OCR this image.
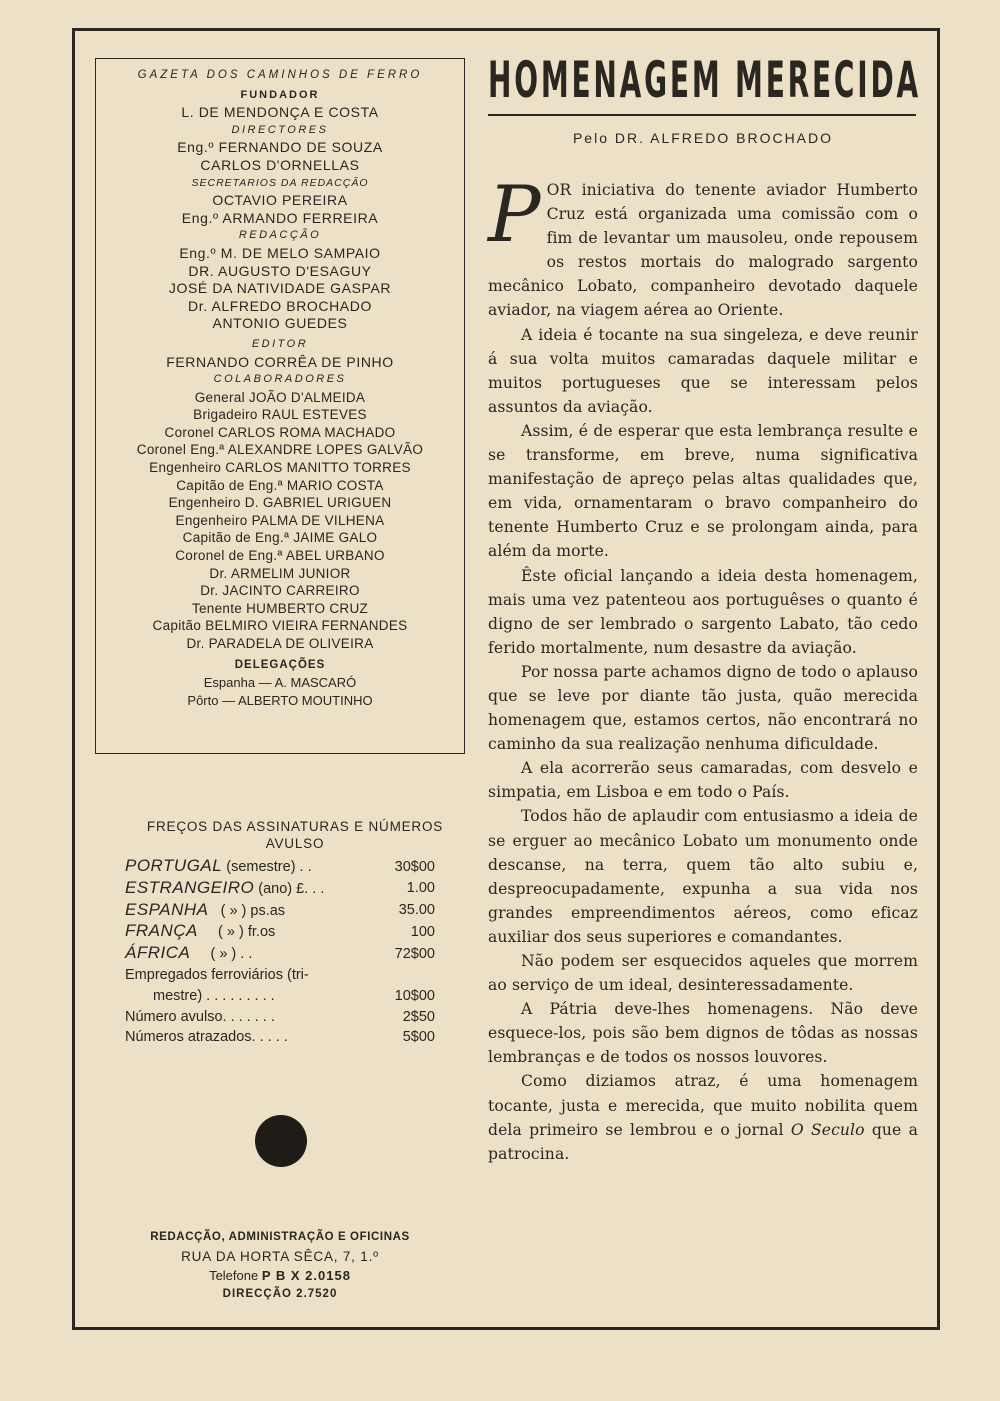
GAZETA DOS CAMINHOS DE FERRO
FUNDADOR
L. DE MENDONÇA E COSTA
DIRECTORES
Eng.º FERNANDO DE SOUZA
CARLOS D'ORNELLAS
SECRETARIOS DA REDACÇÃO
OCTAVIO PEREIRA
Eng.º ARMANDO FERREIRA
REDACÇÃO
Eng.º M. DE MELO SAMPAIO
DR. AUGUSTO D'ESAGUY
JOSÉ DA NATIVIDADE GASPAR
Dr. ALFREDO BROCHADO
ANTONIO GUEDES
EDITOR
FERNANDO CORRÊA DE PINHO
COLABORADORES
General JOÃO D'ALMEIDA
Brigadeiro RAUL ESTEVES
Coronel CARLOS ROMA MACHADO
Coronel Eng.ª ALEXANDRE LOPES GALVÃO
Engenheiro CARLOS MANITTO TORRES
Capitão de Eng.ª MARIO COSTA
Engenheiro D. GABRIEL URIGUEN
Engenheiro PALMA DE VILHENA
Capitão de Eng.ª JAIME GALO
Coronel de Eng.ª ABEL URBANO
Dr. ARMELIM JUNIOR
Dr. JACINTO CARREIRO
Tenente HUMBERTO CRUZ
Capitão BELMIRO VIEIRA FERNANDES
Dr. PARADELA DE OLIVEIRA
DELEGAÇÕES
Espanha — A. MASCARÓ
Pôrto — ALBERTO MOUTINHO
FREÇOS DAS ASSINATURAS E NÚMEROS AVULSO
PORTUGAL (semestre) . .	30$00
ESTRANGEIRO (ano) £. . .	1.00
ESPANHA   ( » ) ps.as	35.00
FRANÇA     ( » ) fr.os	100
ÁFRICA     ( » ) . .	72$00
Empregados ferroviários (tri-	
mestre) . . . . . . . . .	10$00
Número avulso. . . . . . .	2$50
Números atrazados. . . . .	5$00
REDACÇÃO, ADMINISTRAÇÃO E OFICINAS
RUA DA HORTA SÊCA, 7, 1.º
Telefone P B X 2.0158
DIRECÇÃO 2.7520
HOMENAGEM MERECIDA
Pelo DR. ALFREDO BROCHADO

POR iniciativa do tenente aviador Humberto Cruz está organizada uma comissão com o fim de levantar um mausoleu, onde repousem os restos mortais do malogrado sargento mecânico Lobato, companheiro devotado daquele aviador, na viagem aérea ao Oriente.

A ideia é tocante na sua singeleza, e deve reunir á sua volta muitos camaradas daquele militar e muitos portugueses que se interessam pelos assuntos da aviação.

Assim, é de esperar que esta lembrança resulte e se transforme, em breve, numa significativa manifestação de apreço pelas altas qualidades que, em vida, ornamentaram o bravo companheiro do tenente Humberto Cruz e se prolongam ainda, para além da morte.

Êste oficial lançando a ideia desta homenagem, mais uma vez patenteou aos portuguêses o quanto é digno de ser lembrado o sargento Labato, tão cedo ferido mortalmente, num desastre da aviação.

Por nossa parte achamos digno de todo o aplauso que se leve por diante tão justa, quão merecida homenagem que, estamos certos, não encontrará no caminho da sua realização nenhuma dificuldade.

A ela acorrerão seus camaradas, com desvelo e simpatia, em Lisboa e em todo o País.

Todos hão de aplaudir com entusiasmo a ideia de se erguer ao mecânico Lobato um monumento onde descanse, na terra, quem tão alto subiu e, despreocupadamente, expunha a sua vida nos grandes empreendimentos aéreos, como eficaz auxiliar dos seus superiores e comandantes.

Não podem ser esquecidos aqueles que morrem ao serviço de um ideal, desinteressadamente.

A Pátria deve-lhes homenagens. Não deve esquece-los, pois são bem dignos de tôdas as nossas lembranças e de todos os nossos louvores.

Como diziamos atraz, é uma homenagem tocante, justa e merecida, que muito nobilita quem dela primeiro se lembrou e o jornal O Seculo que a patrocina.
